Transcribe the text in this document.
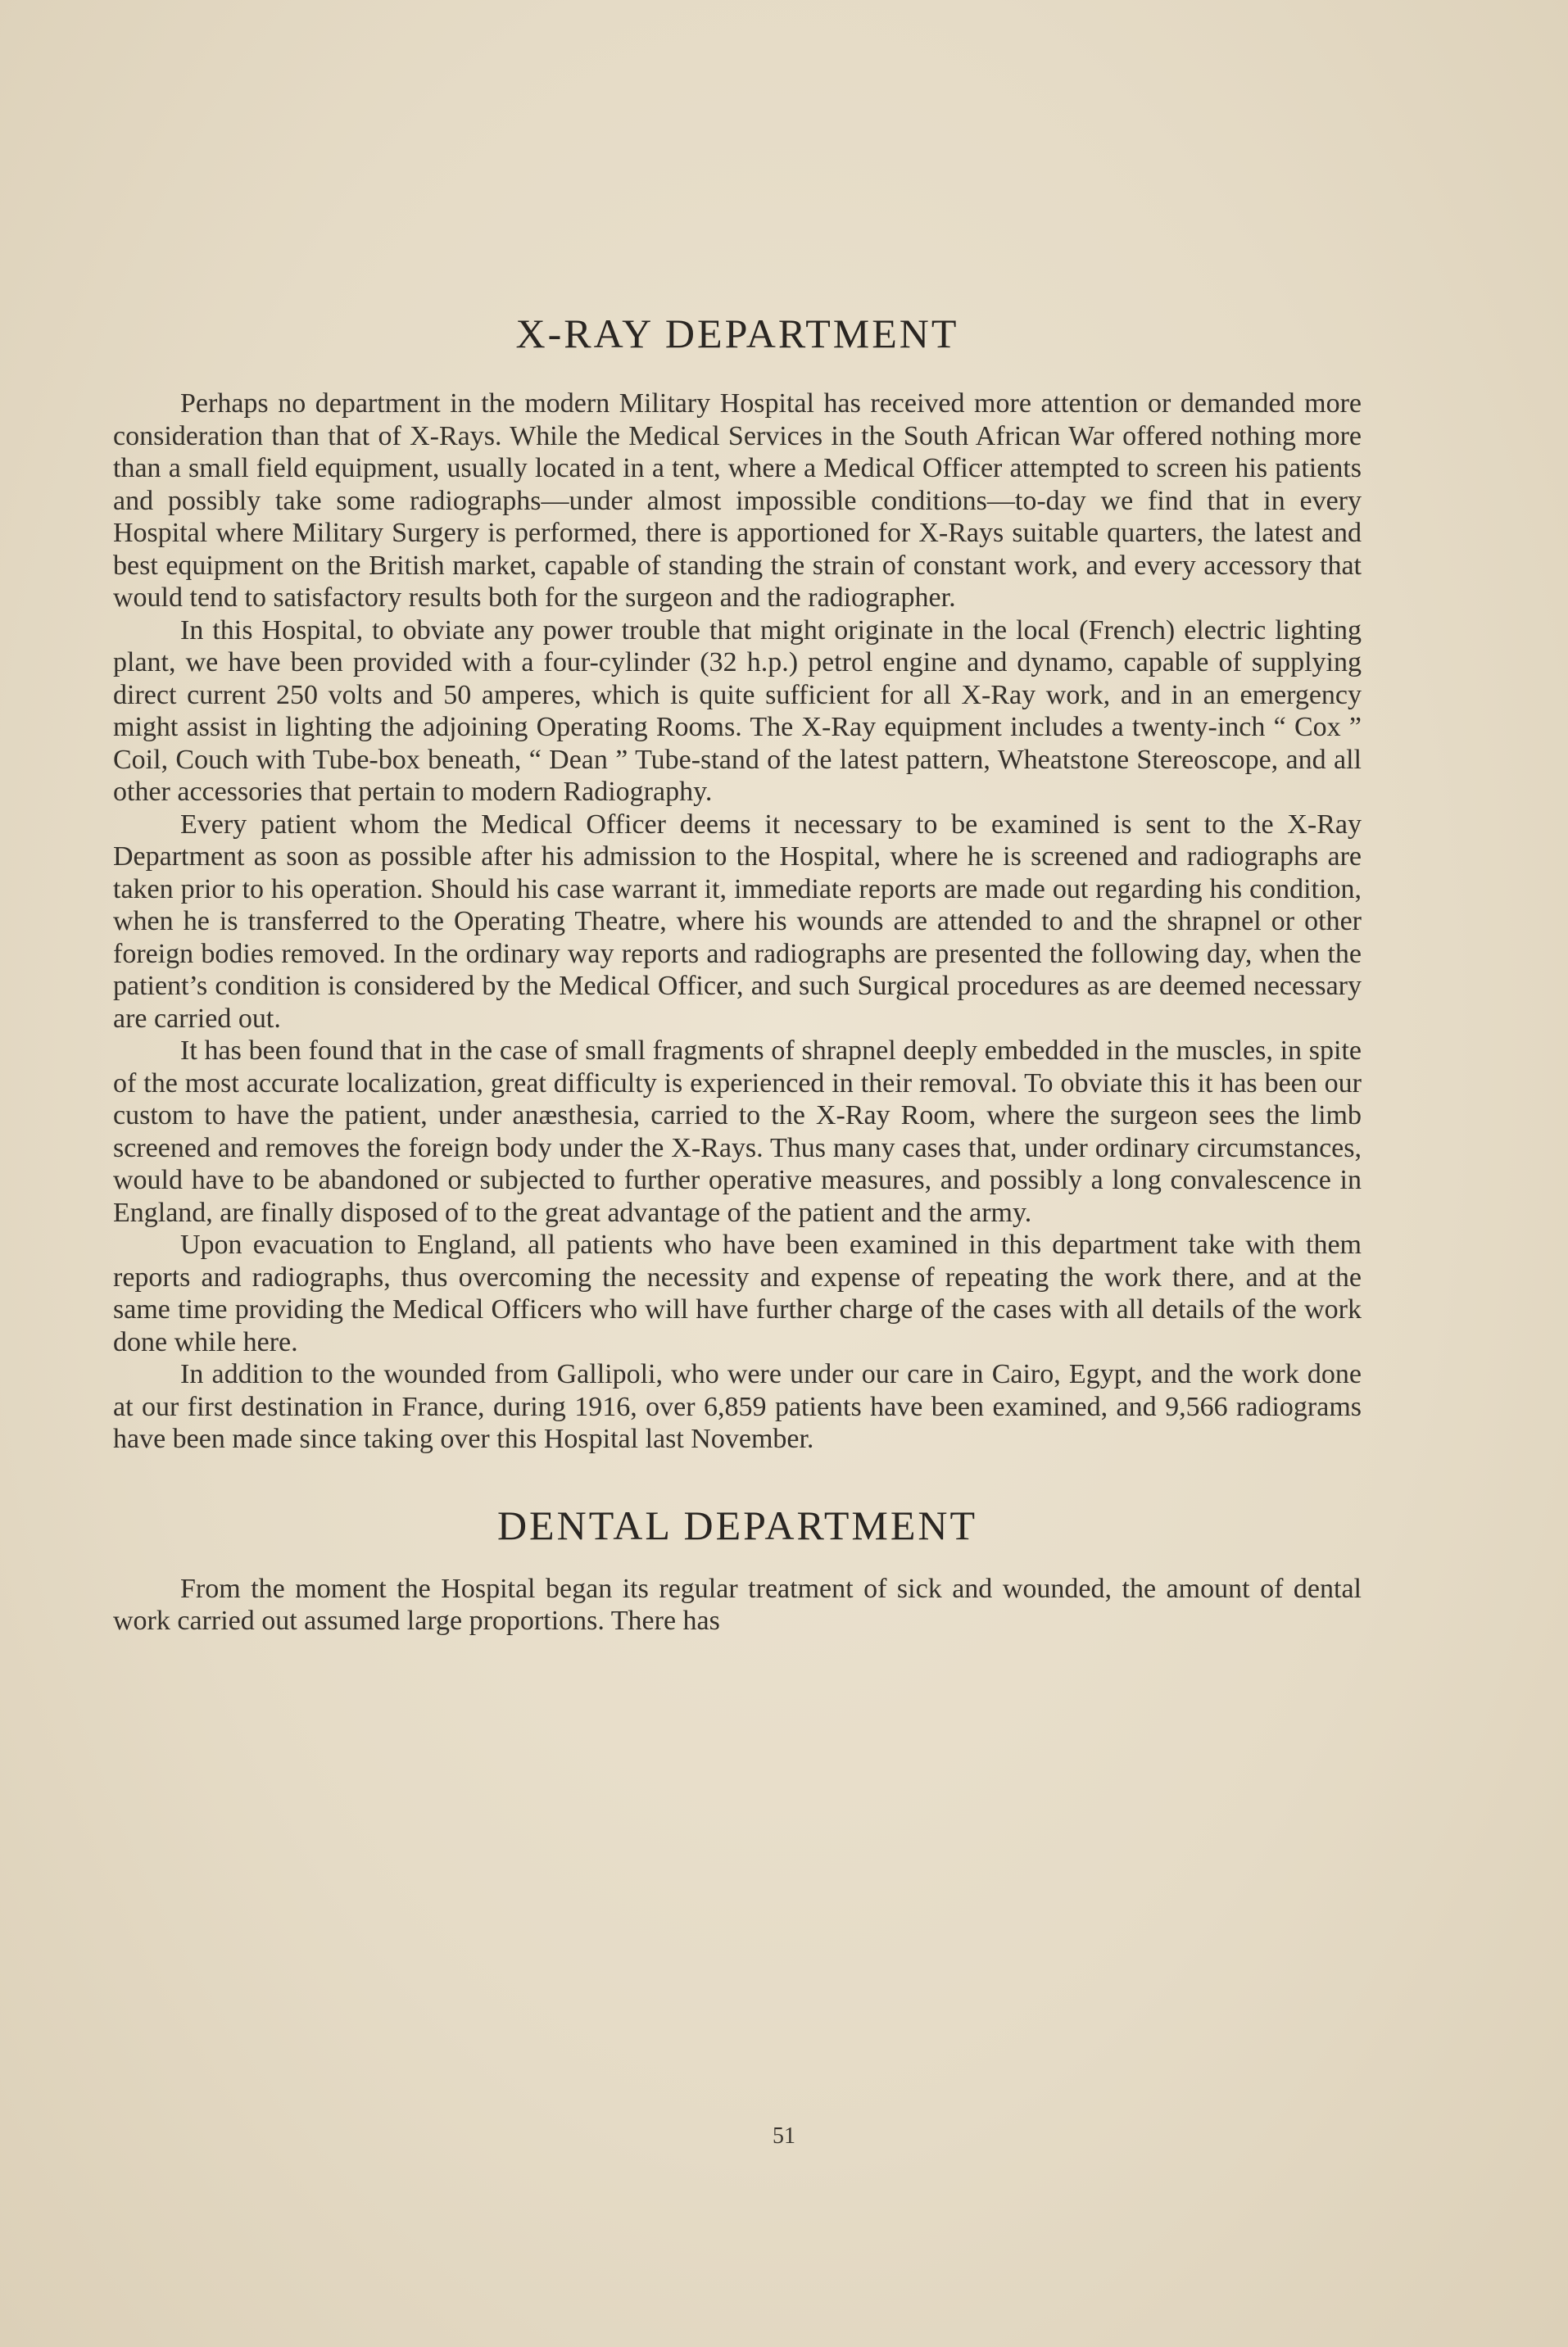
X-RAY DEPARTMENT

Perhaps no department in the modern Military Hospital has received more attention or demanded more consideration than that of X-Rays. While the Medical Services in the South African War offered nothing more than a small field equipment, usually located in a tent, where a Medical Officer attempted to screen his patients and possibly take some radiographs—under almost impossible conditions—to-day we find that in every Hospital where Military Surgery is performed, there is apportioned for X-Rays suitable quarters, the latest and best equipment on the British market, capable of standing the strain of constant work, and every accessory that would tend to satisfactory results both for the surgeon and the radiographer.

In this Hospital, to obviate any power trouble that might originate in the local (French) electric lighting plant, we have been provided with a four-cylinder (32 h.p.) petrol engine and dynamo, capable of supplying direct current 250 volts and 50 amperes, which is quite sufficient for all X-Ray work, and in an emergency might assist in lighting the adjoining Operating Rooms. The X-Ray equipment includes a twenty-inch “ Cox ” Coil, Couch with Tube-box beneath, “ Dean ” Tube-stand of the latest pattern, Wheatstone Stereoscope, and all other accessories that pertain to modern Radiography.

Every patient whom the Medical Officer deems it necessary to be examined is sent to the X-Ray Department as soon as possible after his admission to the Hospital, where he is screened and radiographs are taken prior to his operation. Should his case warrant it, immediate reports are made out regarding his condition, when he is transferred to the Operating Theatre, where his wounds are attended to and the shrapnel or other foreign bodies removed. In the ordinary way reports and radiographs are presented the following day, when the patient’s condition is considered by the Medical Officer, and such Surgical procedures as are deemed necessary are carried out.

It has been found that in the case of small fragments of shrapnel deeply embedded in the muscles, in spite of the most accurate localization, great difficulty is experienced in their removal. To obviate this it has been our custom to have the patient, under anæsthesia, carried to the X-Ray Room, where the surgeon sees the limb screened and removes the foreign body under the X-Rays. Thus many cases that, under ordinary circumstances, would have to be abandoned or subjected to further operative measures, and possibly a long convalescence in England, are finally disposed of to the great advantage of the patient and the army.

Upon evacuation to England, all patients who have been examined in this department take with them reports and radiographs, thus overcoming the necessity and expense of repeating the work there, and at the same time providing the Medical Officers who will have further charge of the cases with all details of the work done while here.

In addition to the wounded from Gallipoli, who were under our care in Cairo, Egypt, and the work done at our first destination in France, during 1916, over 6,859 patients have been examined, and 9,566 radiograms have been made since taking over this Hospital last November.

DENTAL DEPARTMENT

From the moment the Hospital began its regular treatment of sick and wounded, the amount of dental work carried out assumed large proportions. There has

51
